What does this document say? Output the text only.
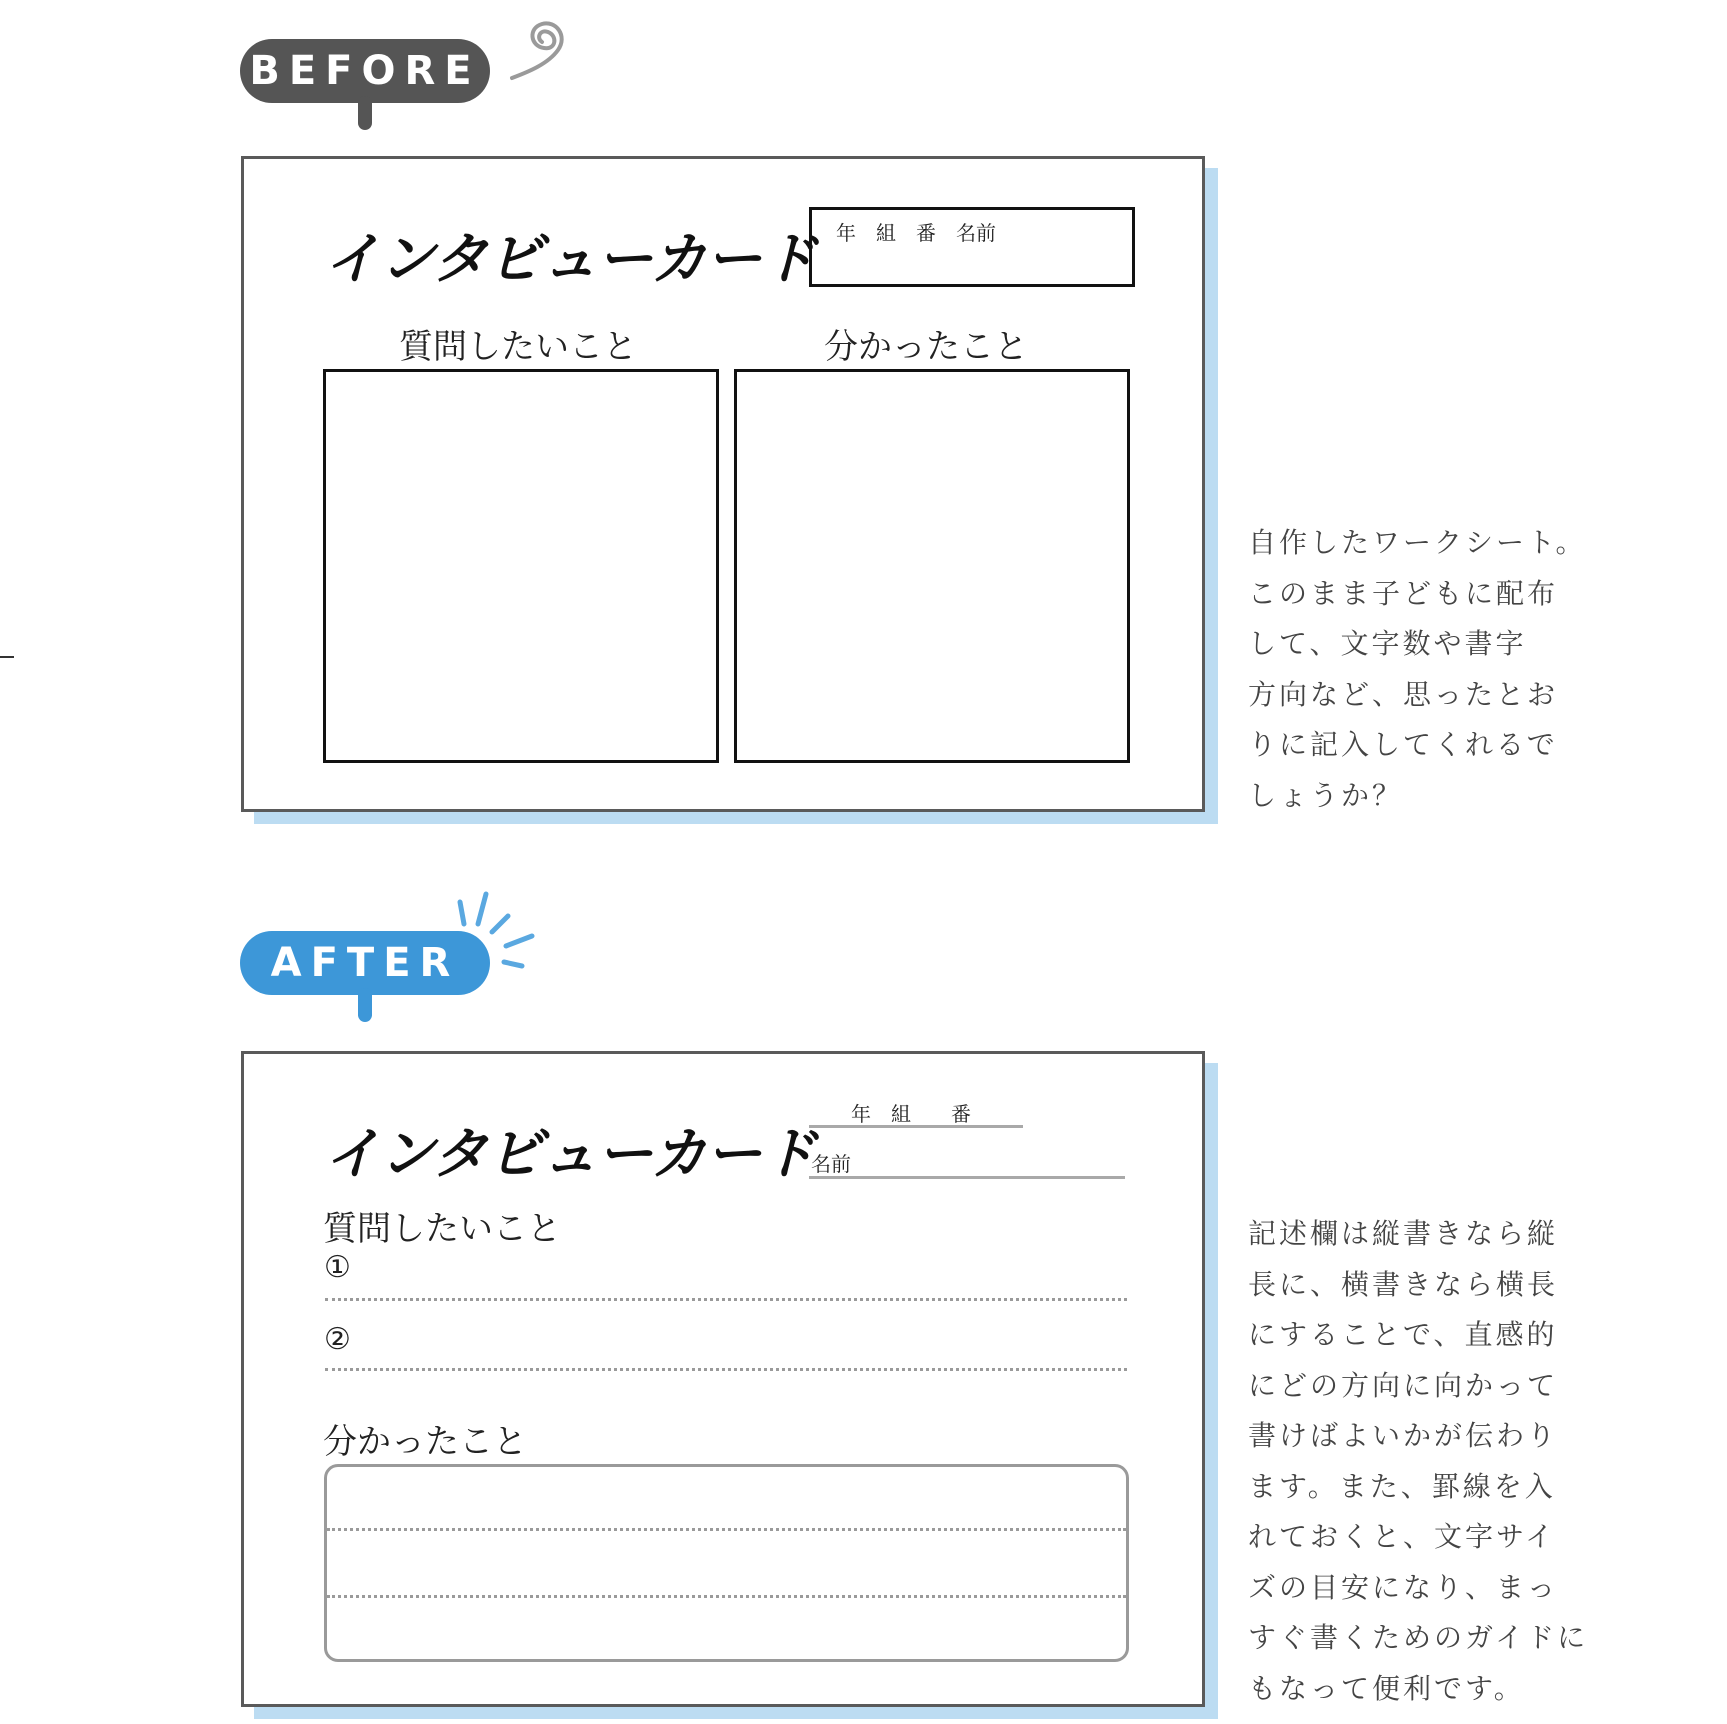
BEFORE
インタビューカード 年　組　番　名前
質問したいこと	分かったこと
自作したワークシート。
このまま子どもに配布
して、文字数や書字
方向など、思ったとお
りに記入してくれるで
しょうか？
AFTER
インタビューカード
年　組　　番
名前
質問したいこと
①
②
分かったこと
記述欄は縦書きなら縦
長に、横書きなら横長
にすることで、直感的
にどの方向に向かって
書けばよいかが伝わり
ます。また、罫線を入
れておくと、文字サイ
ズの目安になり、まっ
すぐ書くためのガイドに
もなって便利です。
